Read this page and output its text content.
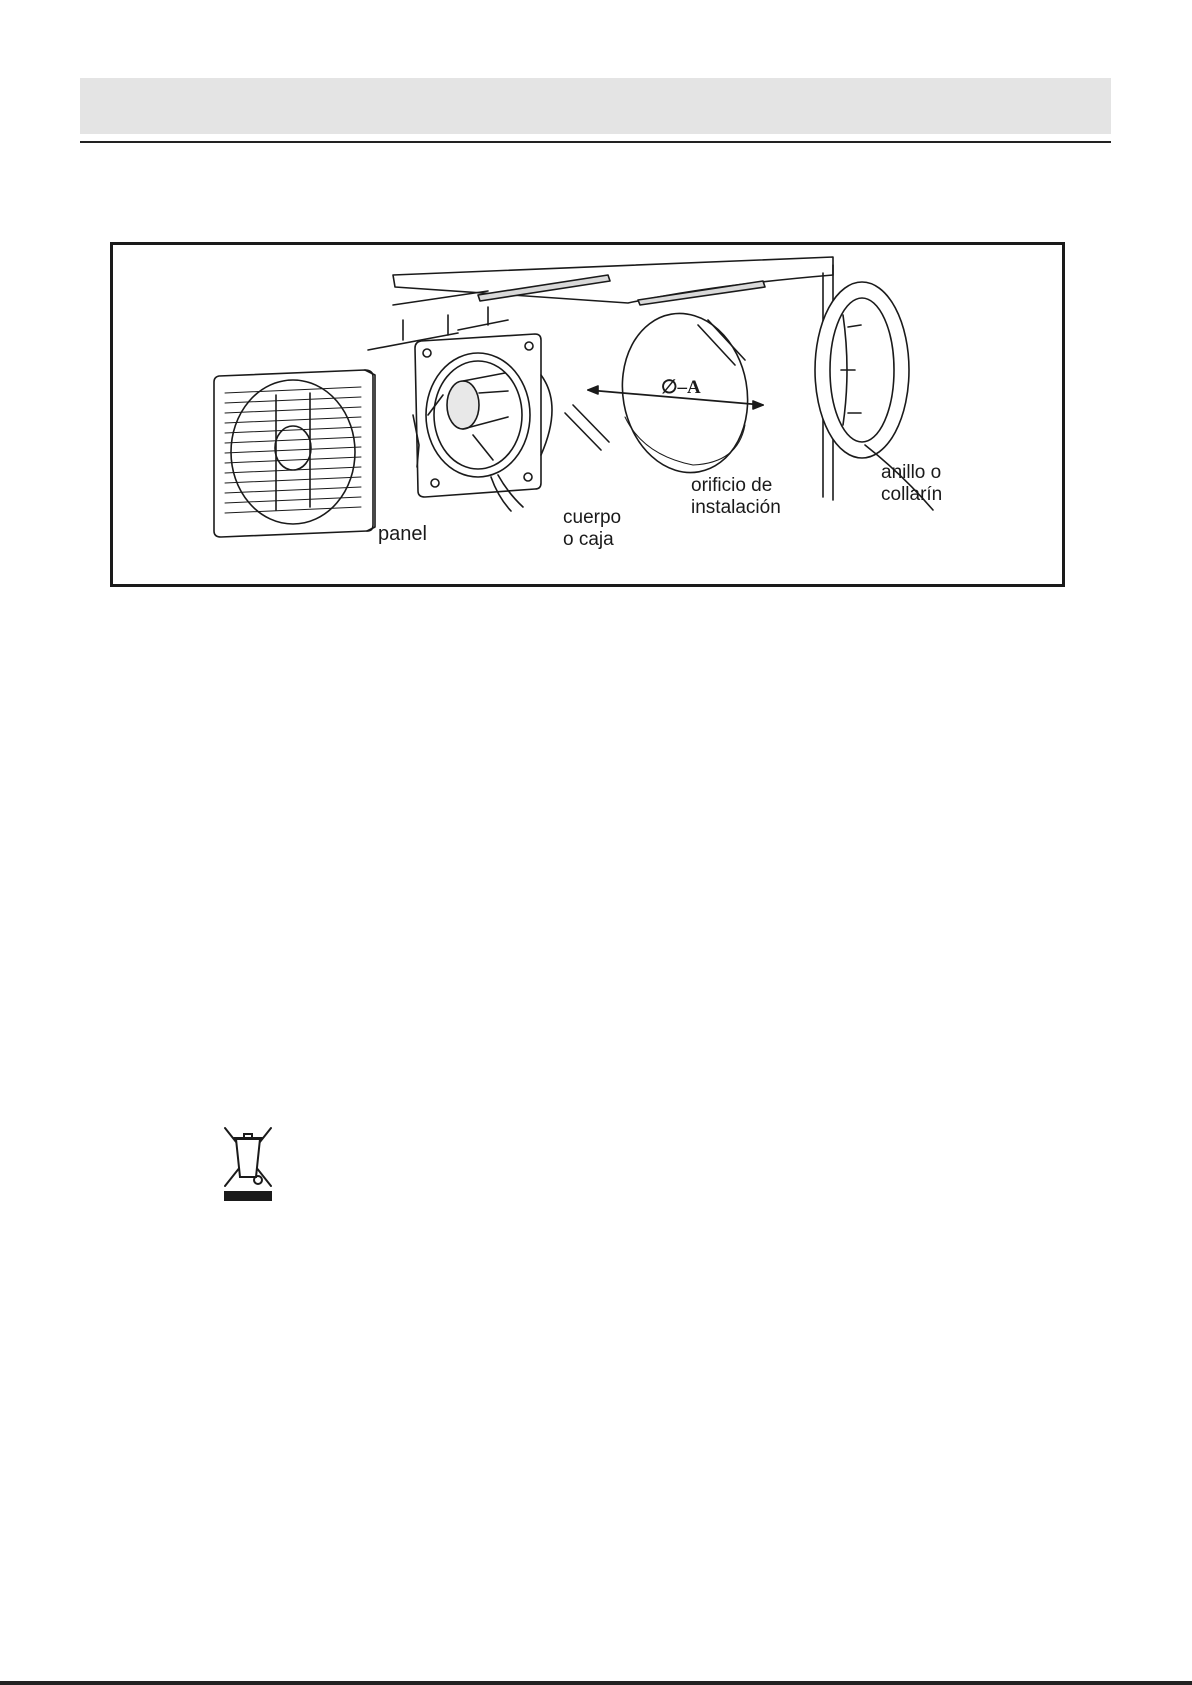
∅–A
panel
cuerpo
o caja
orificio de
instalación
anillo o
collarín
